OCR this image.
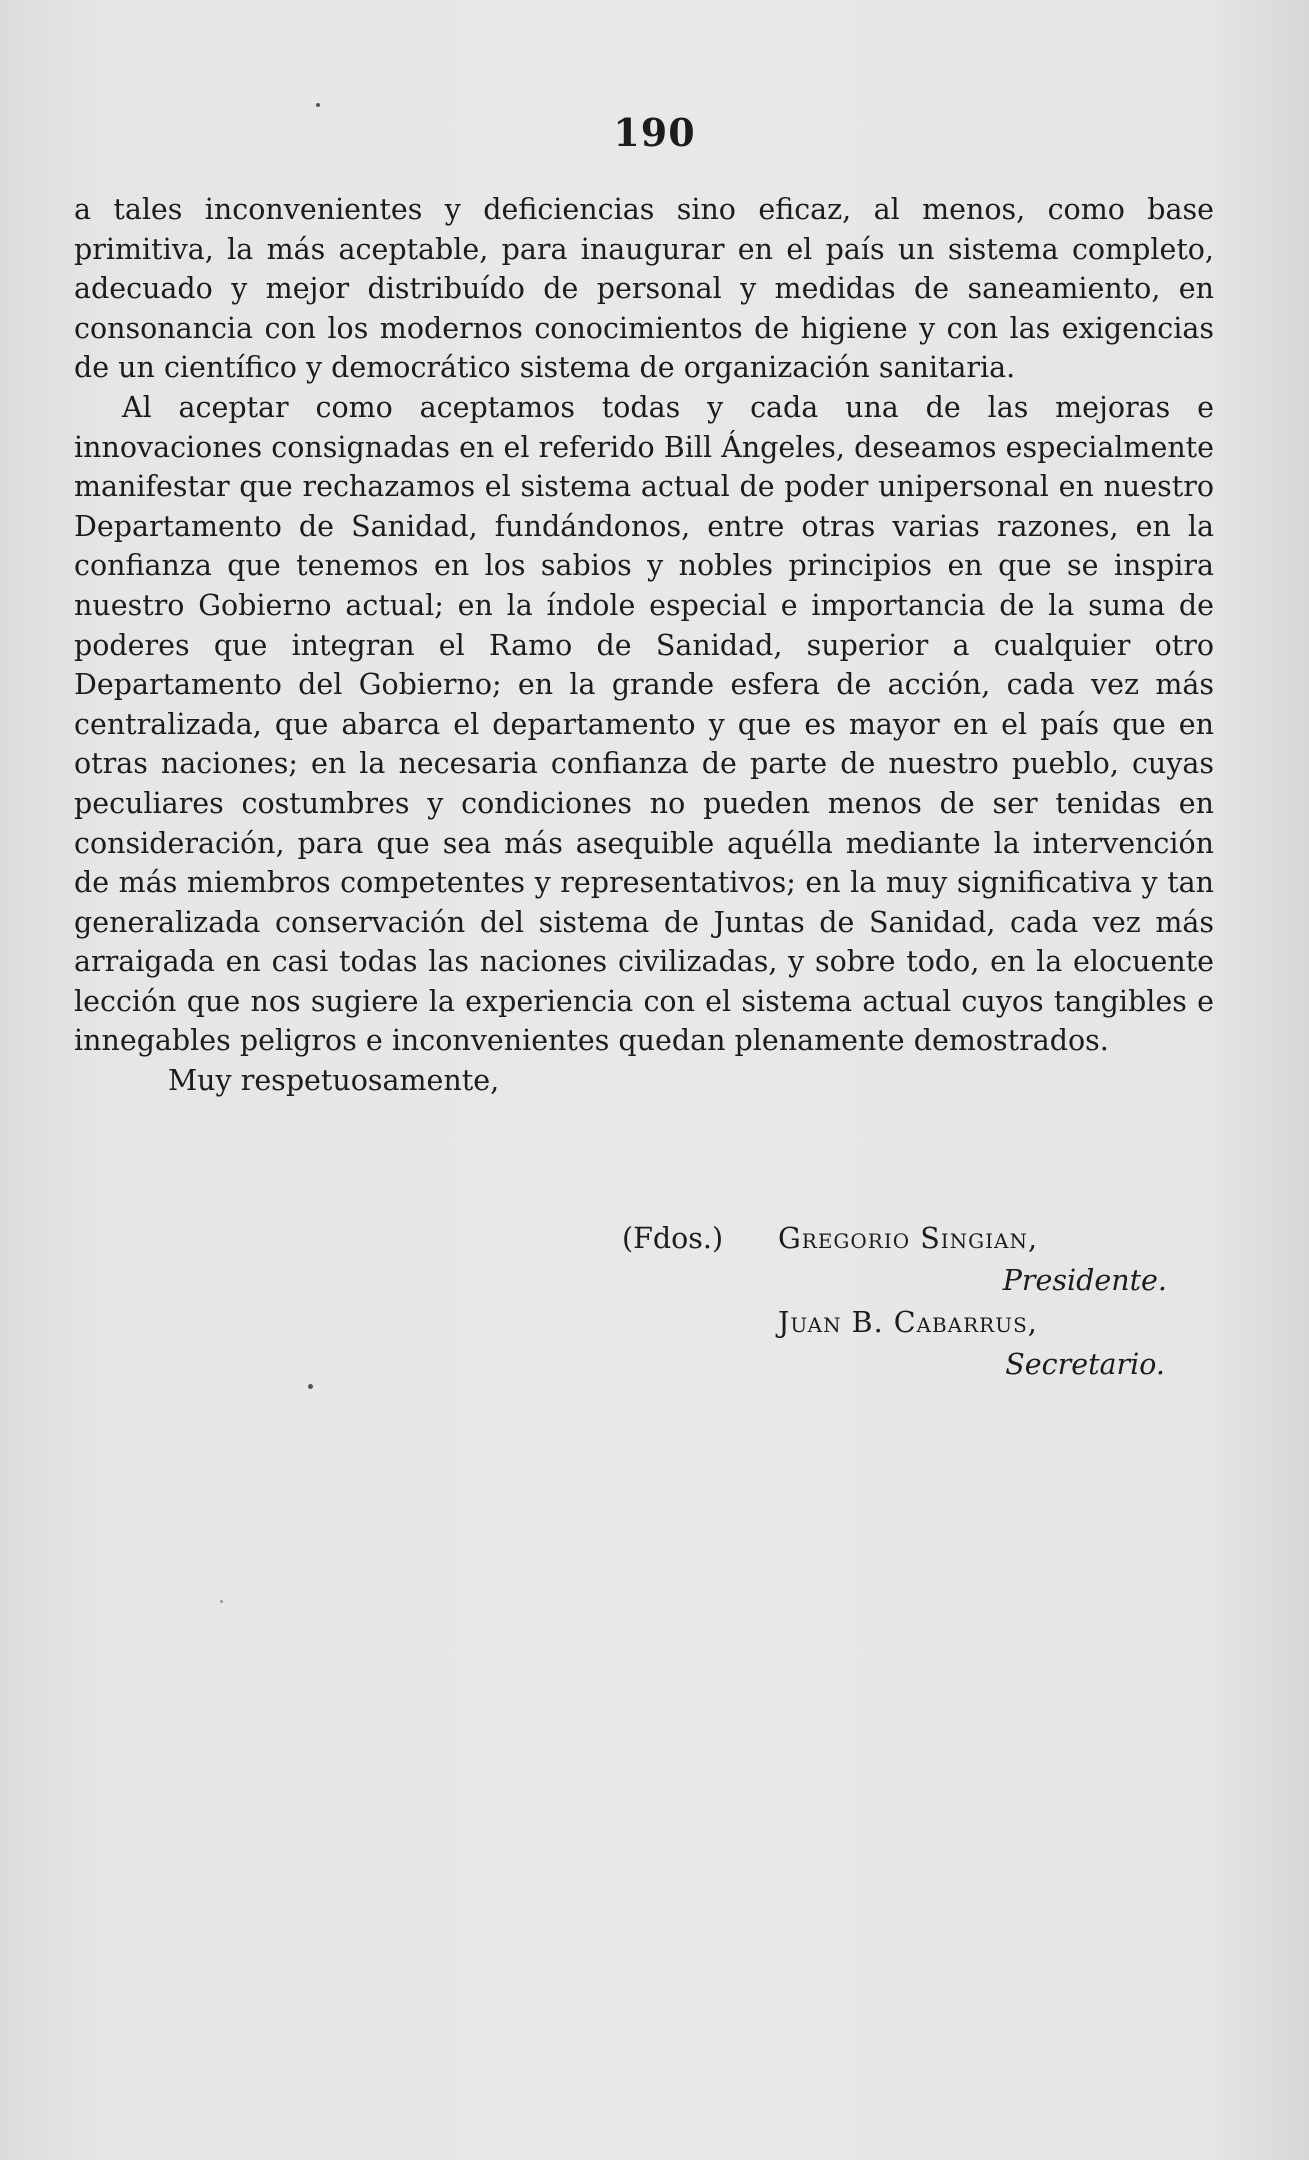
190

a tales inconvenientes y deficiencias sino eficaz, al menos, como base primitiva, la más aceptable, para inaugurar en el país un sistema completo, adecuado y mejor distribuído de personal y medidas de saneamiento, en consonancia con los modernos conocimientos de higiene y con las exigencias de un científico y democrático sistema de organización sanitaria.

Al aceptar como aceptamos todas y cada una de las mejoras e innovaciones consignadas en el referido Bill Ángeles, deseamos especialmente manifestar que rechazamos el sistema actual de poder unipersonal en nuestro Departamento de Sanidad, fundándonos, entre otras varias razones, en la confianza que tenemos en los sabios y nobles principios en que se inspira nuestro Gobierno actual; en la índole especial e importancia de la suma de poderes que integran el Ramo de Sanidad, superior a cualquier otro Departamento del Gobierno; en la grande esfera de acción, cada vez más centralizada, que abarca el departamento y que es mayor en el país que en otras naciones; en la necesaria confianza de parte de nuestro pueblo, cuyas peculiares costumbres y condiciones no pueden menos de ser tenidas en consideración, para que sea más asequible aquélla mediante la intervención de más miembros competentes y representativos; en la muy significativa y tan generalizada conservación del sistema de Juntas de Sanidad, cada vez más arraigada en casi todas las naciones civilizadas, y sobre todo, en la elocuente lección que nos sugiere la experiencia con el sistema actual cuyos tangibles e innegables peligros e inconvenientes quedan plenamente demostrados.

Muy respetuosamente,

(Fdos.) Gregorio Singian,
Presidente.
Juan B. Cabarrus,
Secretario.
